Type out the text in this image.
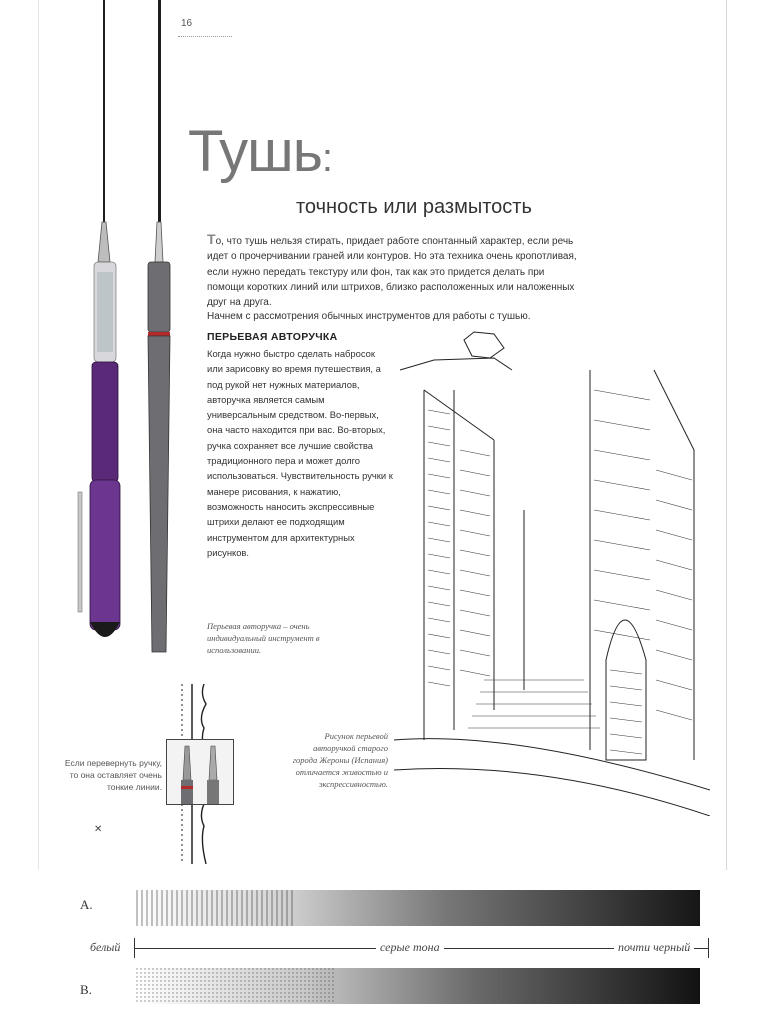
16
Тушь:
точность или размытость
То, что тушь нельзя стирать, придает работе спонтанный характер, если речь идет о прочерчивании граней или контуров. Но эта техника очень кропотливая, если нужно передать текстуру или фон, так как это придется делать при помощи коротких линий или штрихов, близко расположенных или наложенных друг на друга.
Начнем с рассмотрения обычных инструментов для работы с тушью.
ПЕРЬЕВАЯ АВТОРУЧКА
Когда нужно быстро сделать набросок или зарисовку во время путешествия, а под рукой нет нужных материалов, авторучка является самым универсальным средством. Во-первых, она часто находится при вас. Во-вторых, ручка сохраняет все лучшие свойства традиционного пера и может долго использоваться. Чувствительность ручки к манере рисования, к нажатию, возможность наносить экспрессивные штрихи делают ее подходящим инструментом для архитектурных рисунков.
Перьевая авторучка – очень индивидуальный инструмент в использовании.
Рисунок перьевой авторучкой старого города Жероны (Испания) отличается живостью и экспрессивностью.
Если перевернуть ручку, то она оставляет очень тонкие линии.
✕
A.
белый	серые тона	почти черный
B.
